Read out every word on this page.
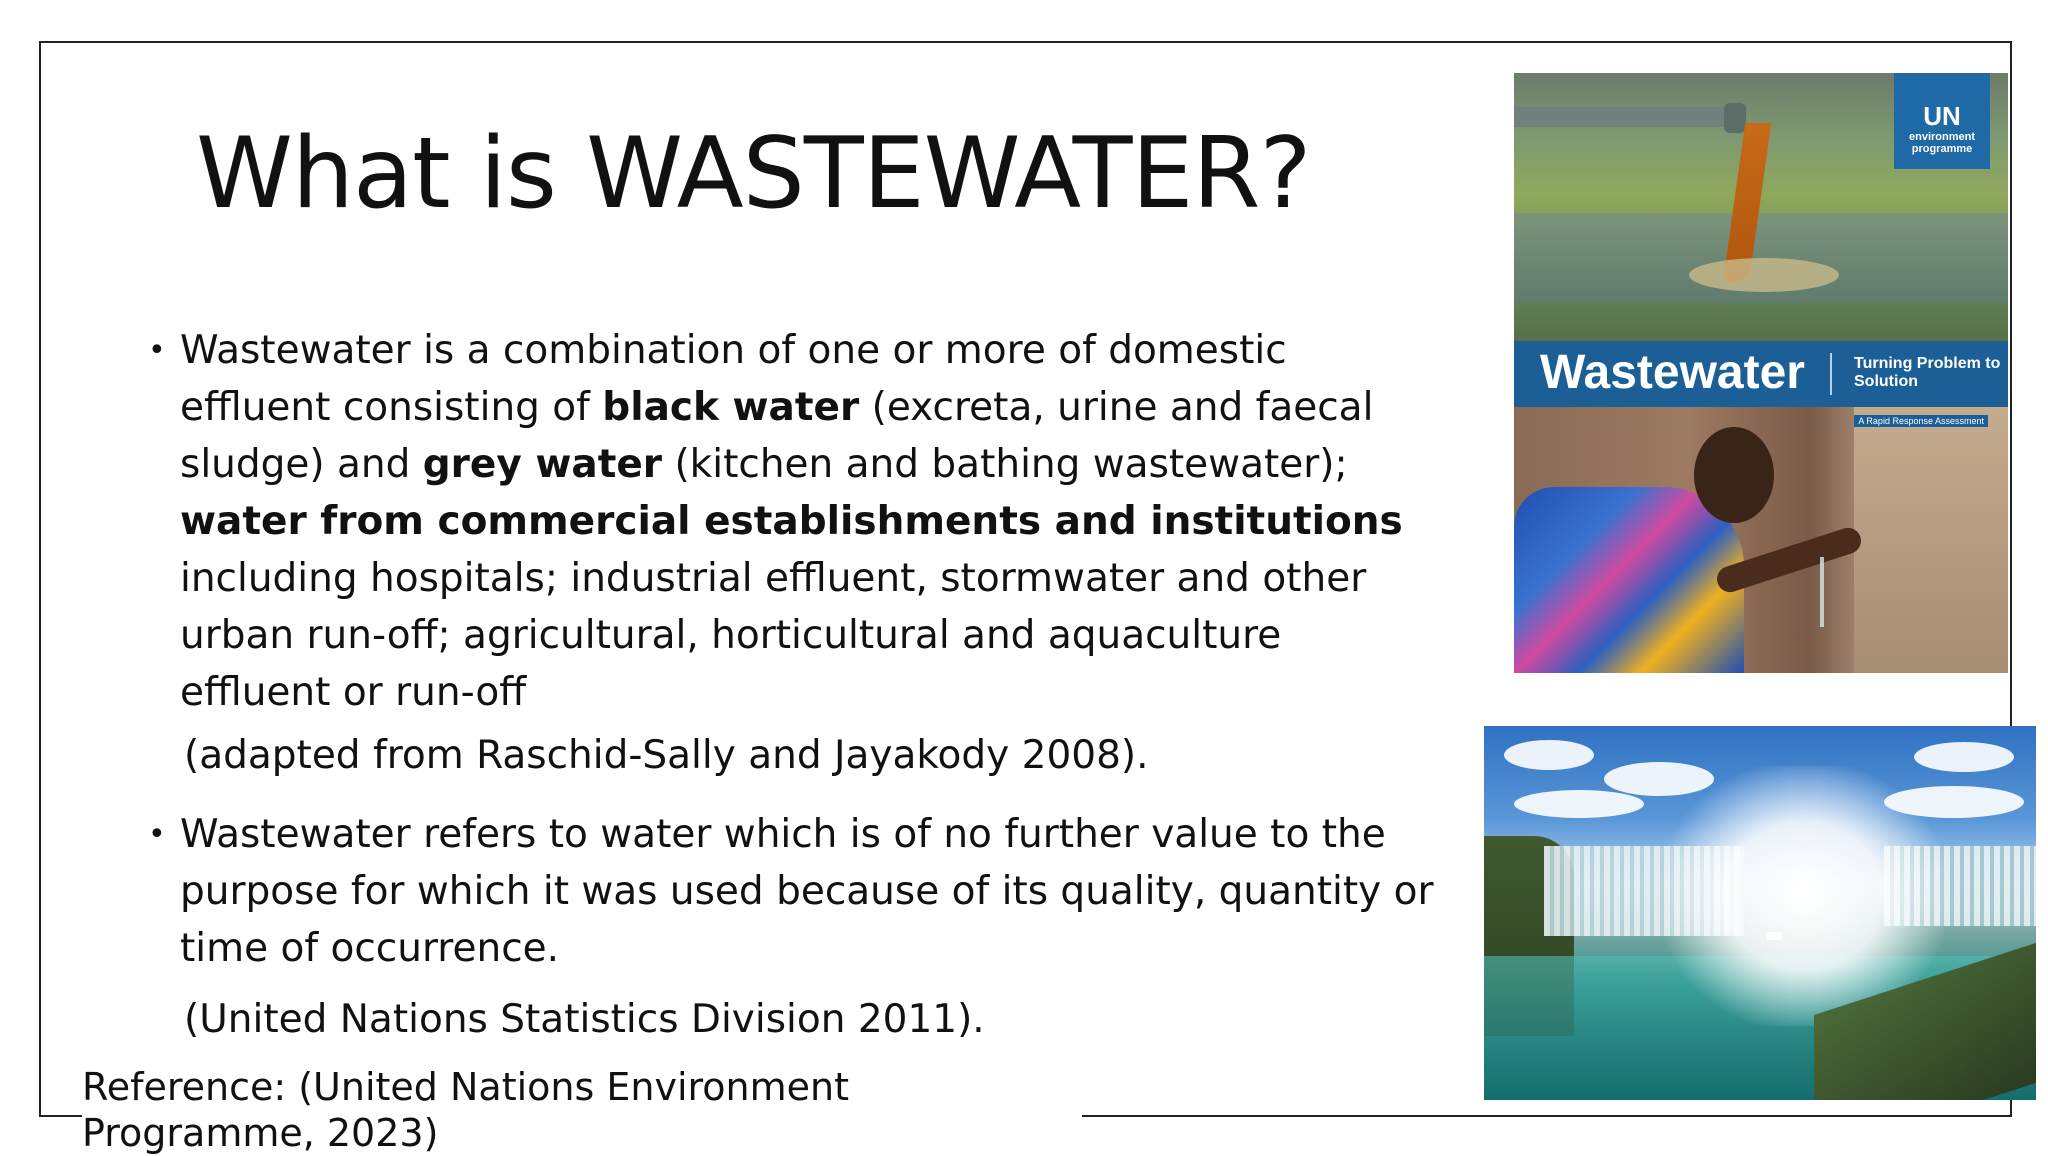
What is WASTEWATER?
• Wastewater is a combination of one or more of domestic effluent consisting of black water (excreta, urine and faecal sludge) and grey water (kitchen and bathing wastewater); water from commercial establishments and institutions including hospitals; industrial effluent, stormwater and other urban run-off; agricultural, horticultural and aquaculture effluent or run-off
(adapted from Raschid-Sally and Jayakody 2008).
• Wastewater refers to water which is of no further value to the purpose for which it was used because of its quality, quantity or time of occurrence.
(United Nations Statistics Division 2011).
Reference: (United Nations Environment Programme, 2023)
UN
environment programme
Wastewater	Turning Problem to Solution
A Rapid Response Assessment
